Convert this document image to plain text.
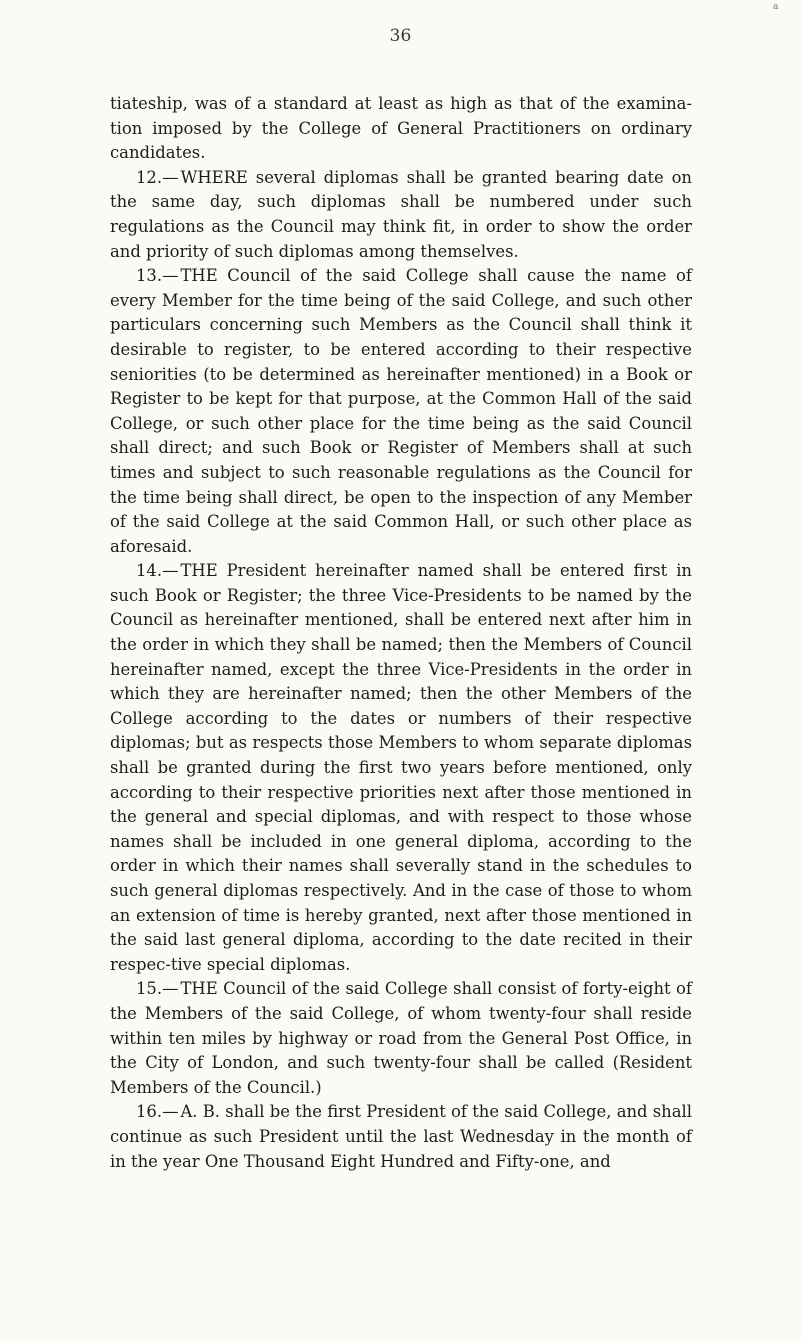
a
36

tiateship, was of a standard at least as high as that of the examina-tion imposed by the College of General Practitioners on ordinary candidates.

12.— WHERE several diplomas shall be granted bearing date on the same day, such diplomas shall be numbered under such regulations as the Council may think fit, in order to show the order and priority of such diplomas among themselves.

13.— THE Council of the said College shall cause the name of every Member for the time being of the said College, and such other particulars concerning such Members as the Council shall think it desirable to register, to be entered according to their respective seniorities (to be determined as hereinafter mentioned) in a Book or Register to be kept for that purpose, at the Common Hall of the said College, or such other place for the time being as the said Council shall direct; and such Book or Register of Members shall at such times and subject to such reasonable regulations as the Council for the time being shall direct, be open to the inspection of any Member of the said College at the said Common Hall, or such other place as aforesaid.

14.— THE President hereinafter named shall be entered first in such Book or Register; the three Vice-Presidents to be named by the Council as hereinafter mentioned, shall be entered next after him in the order in which they shall be named; then the Members of Council hereinafter named, except the three Vice-Presidents in the order in which they are hereinafter named; then the other Members of the College according to the dates or numbers of their respective diplomas; but as respects those Members to whom separate diplomas shall be granted during the first two years before mentioned, only according to their respective priorities next after those mentioned in the general and special diplomas, and with respect to those whose names shall be included in one general diploma, according to the order in which their names shall severally stand in the schedules to such general diplomas respectively. And in the case of those to whom an extension of time is hereby granted, next after those mentioned in the said last general diploma, according to the date recited in their respec-tive special diplomas.

15.— THE Council of the said College shall consist of forty-eight of the Members of the said College, of whom twenty-four shall reside within ten miles by highway or road from the General Post Office, in the City of London, and such twenty-four shall be called (Resident Members of the Council.)

16.— A. B. shall be the first President of the said College, and shall continue as such President until the last Wednesday in the month of in the year One Thousand Eight Hundred and Fifty-one, and
